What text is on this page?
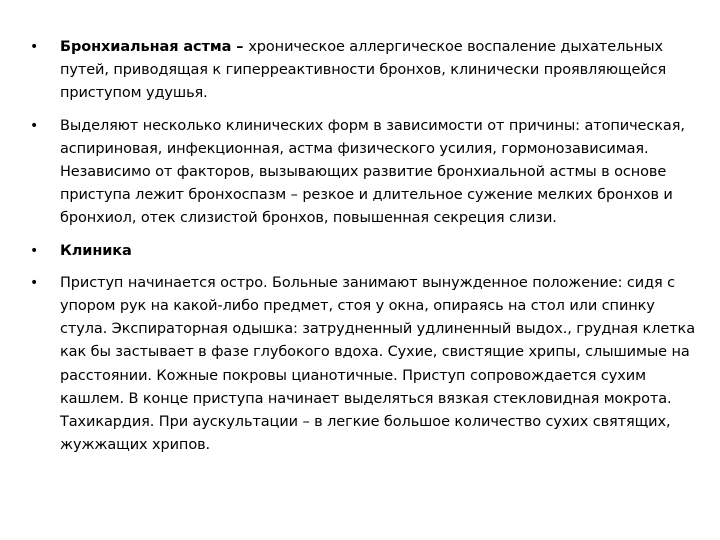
• Бронхиальная астма – хроническое аллергическое воспаление дыхательных путей, приводящая к гиперреактивности бронхов, клинически проявляющейся приступом удушья.
• Выделяют несколько клинических форм в зависимости от причины: атопическая, аспириновая, инфекционная, астма физического усилия, гормонозависимая. Независимо от факторов, вызывающих развитие бронхиальной астмы в основе приступа лежит бронхоспазм – резкое и длительное сужение мелких бронхов и бронхиол, отек слизистой бронхов, повышенная секреция слизи.
• Клиника
• Приступ начинается остро. Больные занимают вынужденное положение: сидя с упором рук на какой-либо предмет, стоя у окна, опираясь на стол или спинку стула. Экспираторная одышка: затрудненный удлиненный выдох., грудная клетка как бы застывает в фазе глубокого вдоха. Сухие, свистящие хрипы, слышимые на расстоянии. Кожные покровы цианотичные. Приступ сопровождается сухим кашлем. В конце приступа начинает выделяться вязкая стекловидная мокрота. Тахикардия. При аускультации – в легкие большое количество сухих святящих, жужжащих хрипов.
